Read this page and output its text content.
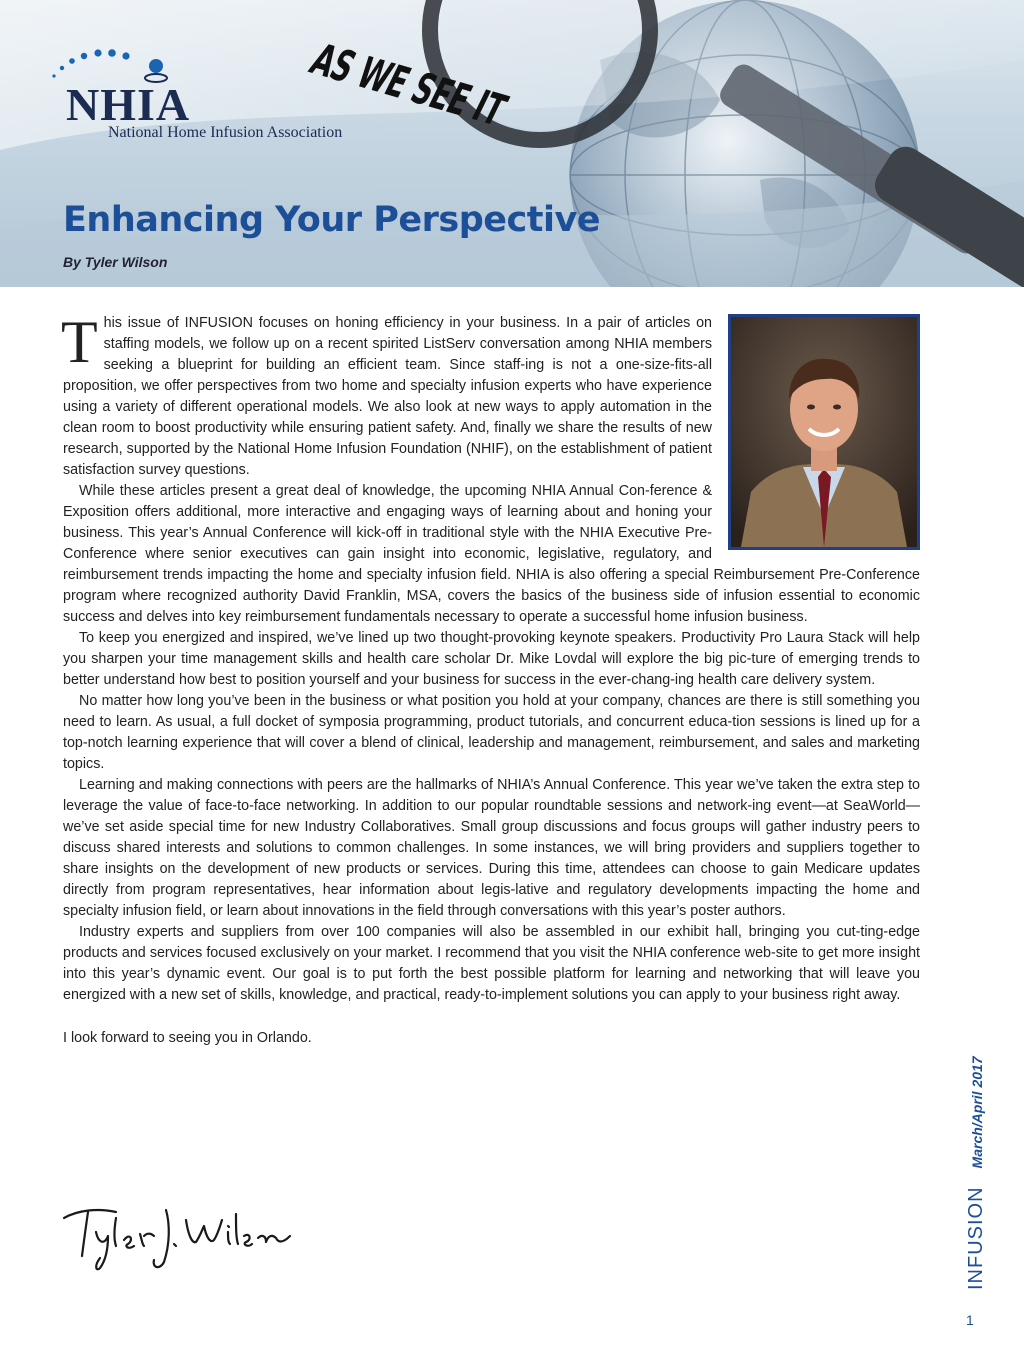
NHIA
National Home Infusion Association
AS WE SEE IT
Enhancing Your Perspective
By Tyler Wilson

This issue of INFUSION focuses on honing efficiency in your business. In a pair of articles on staffing models, we follow up on a recent spirited ListServ conversation among NHIA members seeking a blueprint for building an efficient team. Since staff-ing is not a one-size-fits-all proposition, we offer perspectives from two home and specialty infusion experts who have experience using a variety of different operational models. We also look at new ways to apply automation in the clean room to boost productivity while ensuring patient safety. And, finally we share the results of new research, supported by the National Home Infusion Foundation (NHIF), on the establishment of patient satisfaction survey questions.

While these articles present a great deal of knowledge, the upcoming NHIA Annual Con-ference & Exposition offers additional, more interactive and engaging ways of learning about and honing your business. This year’s Annual Conference will kick-off in traditional style with the NHIA Executive Pre-Conference where senior executives can gain insight into economic, legislative, regulatory, and reimbursement trends impacting the home and specialty infusion field. NHIA is also offering a special Reimbursement Pre-Conference program where recognized authority David Franklin, MSA, covers the basics of the business side of infusion essential to economic success and delves into key reimbursement fundamentals necessary to operate a successful home infusion business.

To keep you energized and inspired, we’ve lined up two thought-provoking keynote speakers. Productivity Pro Laura Stack will help you sharpen your time management skills and health care scholar Dr. Mike Lovdal will explore the big pic-ture of emerging trends to better understand how best to position yourself and your business for success in the ever-chang-ing health care delivery system.

No matter how long you’ve been in the business or what position you hold at your company, chances are there is still something you need to learn. As usual, a full docket of symposia programming, product tutorials, and concurrent educa-tion sessions is lined up for a top-notch learning experience that will cover a blend of clinical, leadership and management, reimbursement, and sales and marketing topics.

Learning and making connections with peers are the hallmarks of NHIA’s Annual Conference. This year we’ve taken the extra step to leverage the value of face-to-face networking. In addition to our popular roundtable sessions and network-ing event—at SeaWorld—we’ve set aside special time for new Industry Collaboratives. Small group discussions and focus groups will gather industry peers to discuss shared interests and solutions to common challenges. In some instances, we will bring providers and suppliers together to share insights on the development of new products or services. During this time, attendees can choose to gain Medicare updates directly from program representatives, hear information about legis-lative and regulatory developments impacting the home and specialty infusion field, or learn about innovations in the field through conversations with this year’s poster authors.

Industry experts and suppliers from over 100 companies will also be assembled in our exhibit hall, bringing you cut-ting-edge products and services focused exclusively on your market. I recommend that you visit the NHIA conference web-site to get more insight into this year’s dynamic event. Our goal is to put forth the best possible platform for learning and networking that will leave you energized with a new set of skills, knowledge, and practical, ready-to-implement solutions you can apply to your business right away.

I look forward to seeing you in Orlando.

INFUSIONMarch/April 2017
1
